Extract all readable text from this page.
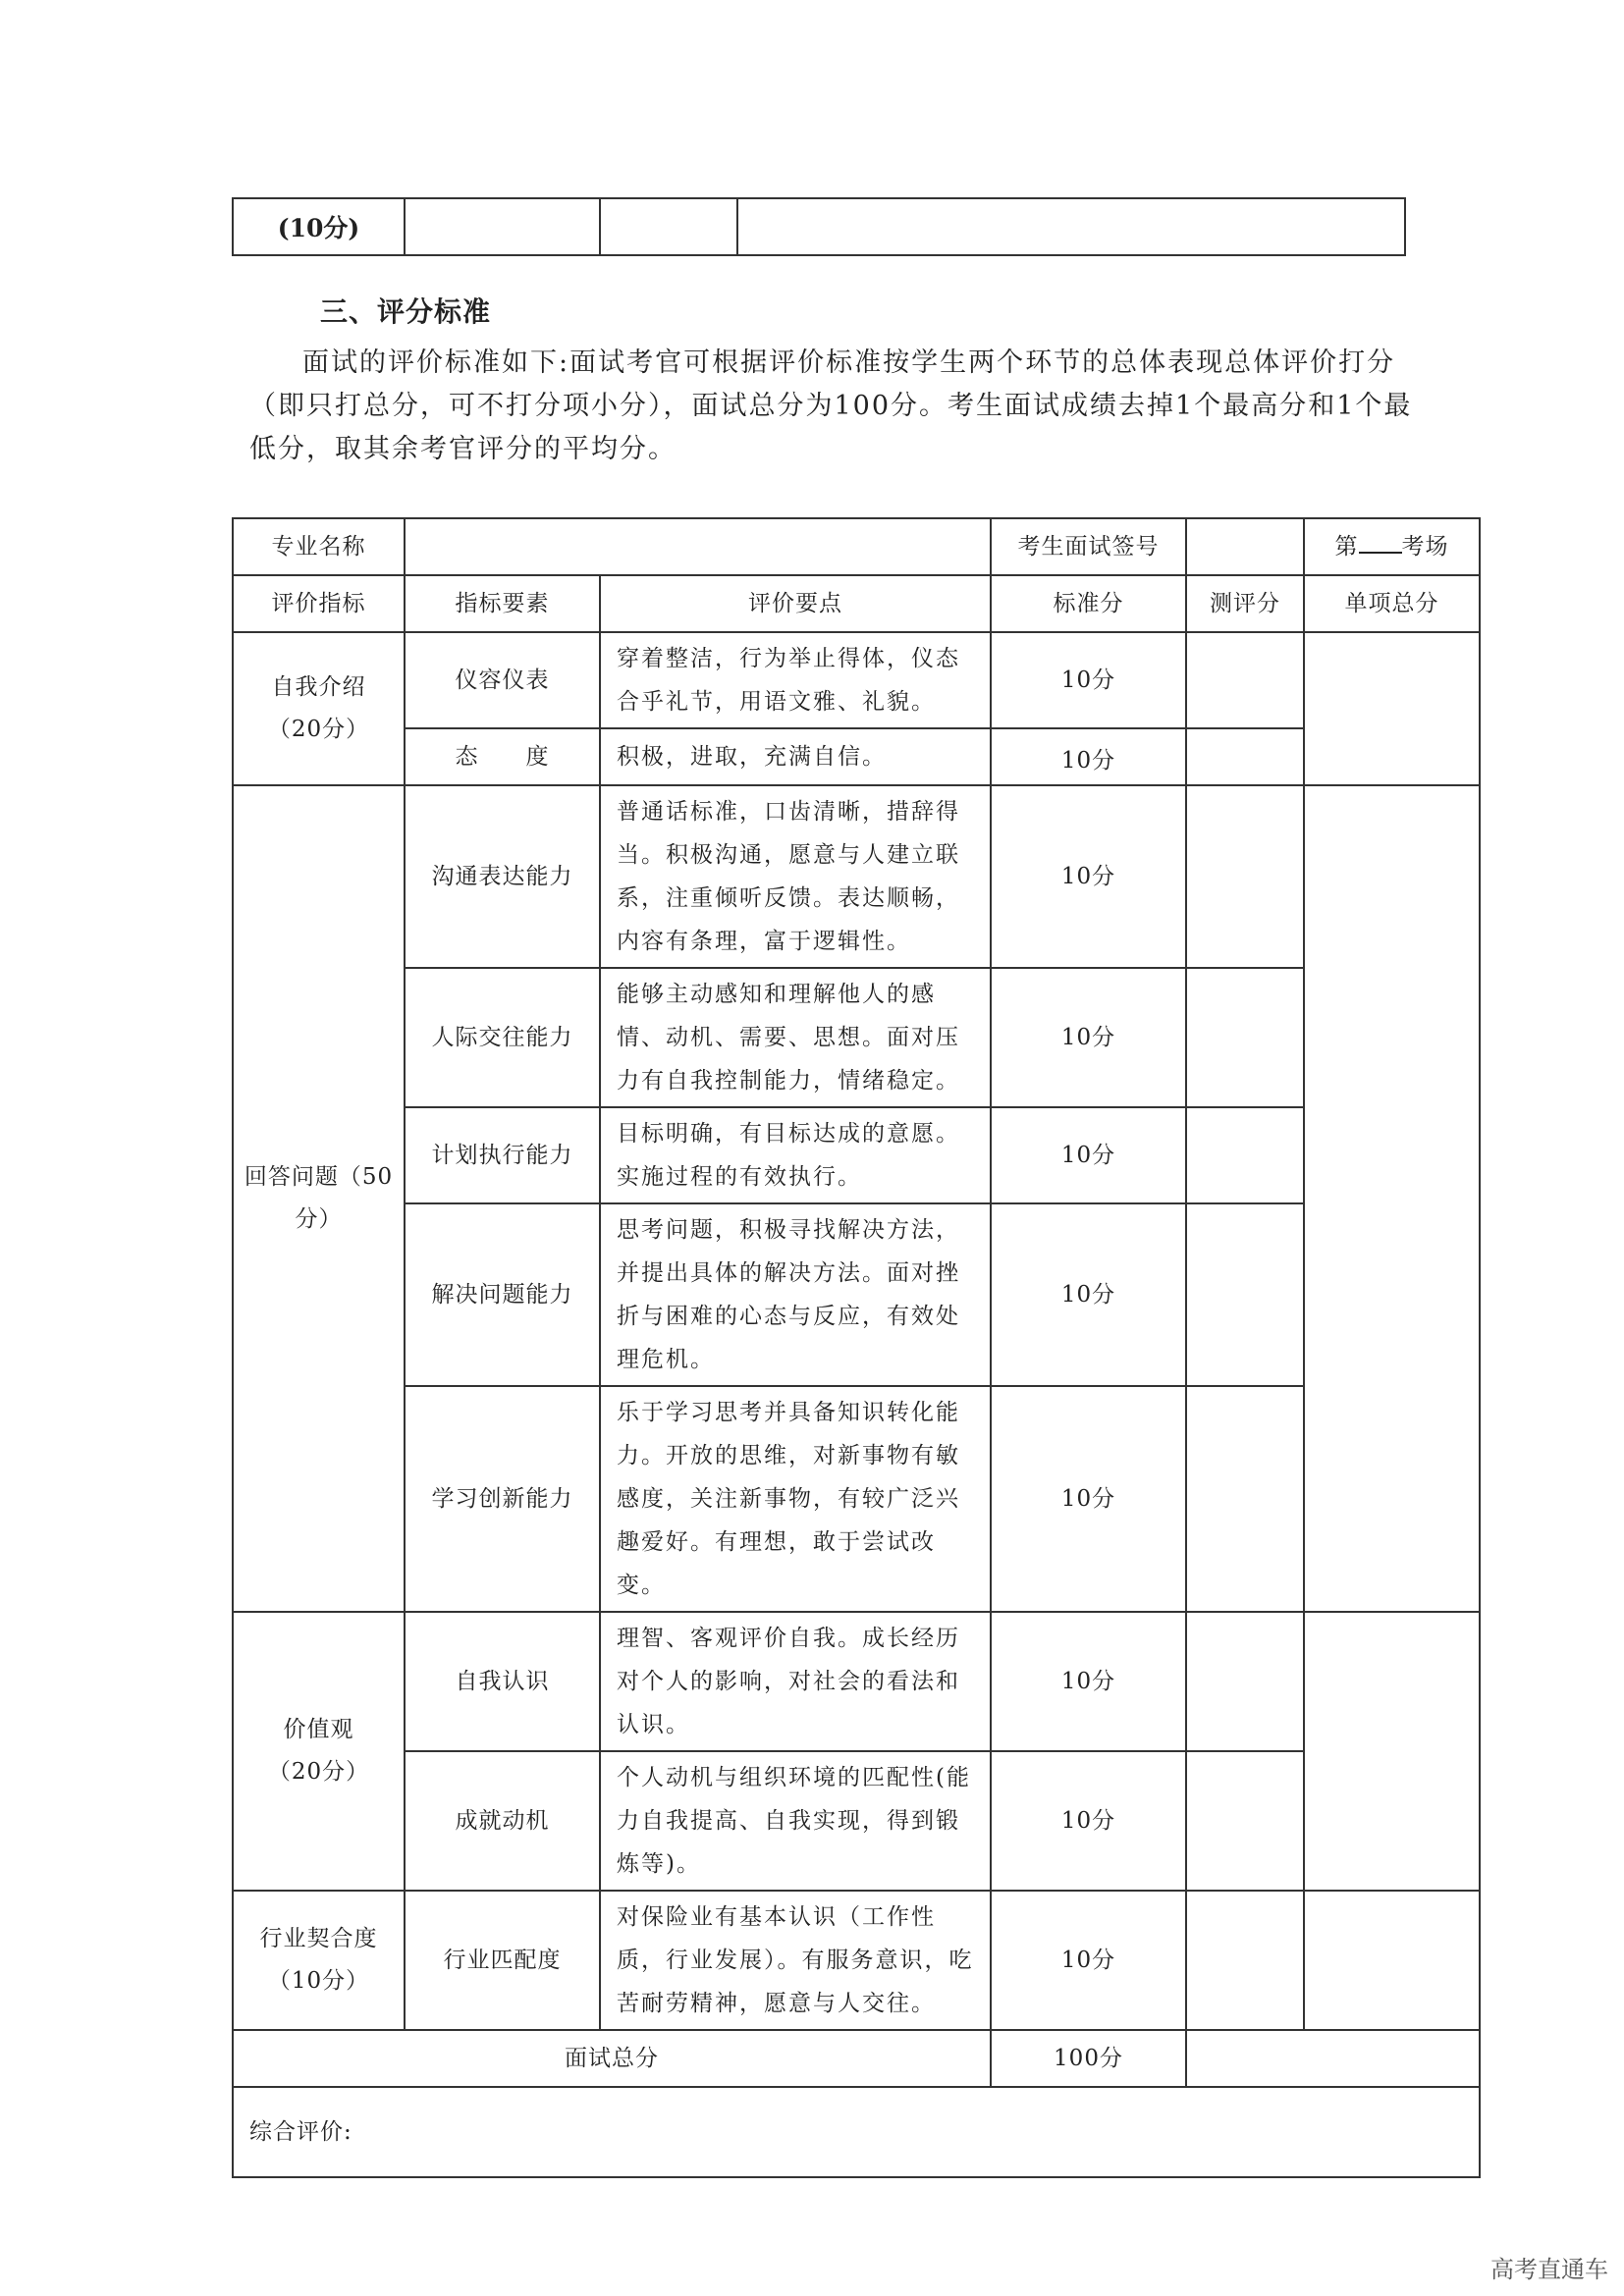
(10分)			
三、评分标准
面试的评价标准如下:面试考官可根据评价标准按学生两个环节的总体表现总体评价打分（即只打总分，可不打分项小分），面试总分为100分。考生面试成绩去掉1个最高分和1个最低分，取其余考官评分的平均分。
专业名称			考生面试签号		第 考场
评价指标	指标要素	评价要点	标准分	测评分	单项总分
自我介绍
（20分）	仪容仪表	穿着整洁，行为举止得体，仪态合乎礼节，用语文雅、礼貌。	10分		
	态　　度	积极，进取，充满自信。	10分		
回答问题（50
分）	沟通表达能力	普通话标准，口齿清晰，措辞得当。积极沟通，愿意与人建立联系，注重倾听反馈。表达顺畅，内容有条理，富于逻辑性。	10分		
	人际交往能力	能够主动感知和理解他人的感情、动机、需要、思想。面对压力有自我控制能力，情绪稳定。	10分		
	计划执行能力	目标明确，有目标达成的意愿。实施过程的有效执行。	10分		
	解决问题能力	思考问题，积极寻找解决方法，并提出具体的解决方法。面对挫折与困难的心态与反应，有效处理危机。	10分		
	学习创新能力	乐于学习思考并具备知识转化能力。开放的思维，对新事物有敏感度，关注新事物，有较广泛兴趣爱好。有理想，敢于尝试改变。	10分		
价值观
（20分）	自我认识	理智、客观评价自我。成长经历对个人的影响，对社会的看法和认识。	10分		
	成就动机	个人动机与组织环境的匹配性(能力自我提高、自我实现，得到锻炼等)。	10分		
行业契合度
（10分）	行业匹配度	对保险业有基本认识（工作性质，行业发展）。有服务意识，吃苦耐劳精神，愿意与人交往。	10分		
面试总分			100分		
综合评价:					
高考直通车
